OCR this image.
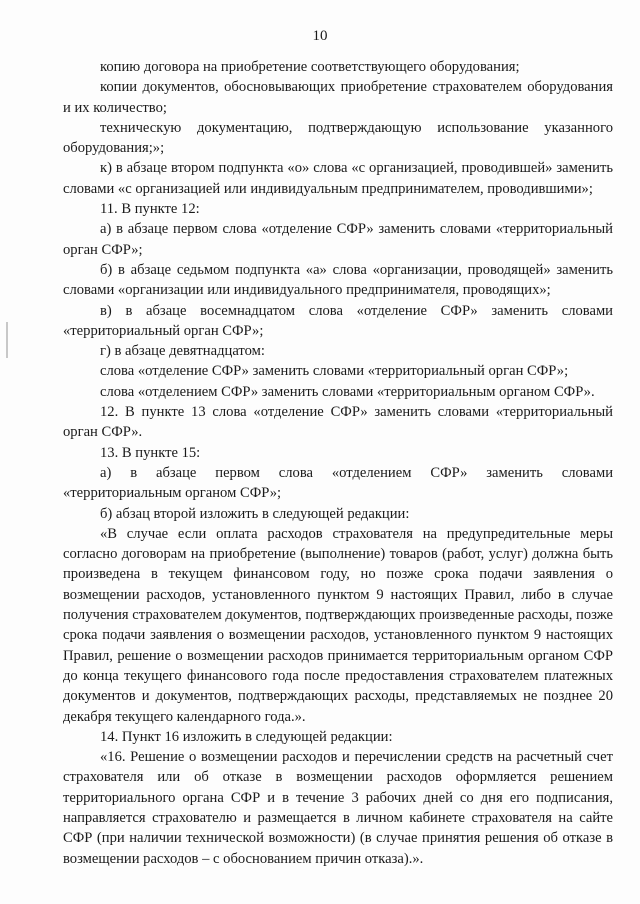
10

копию договора на приобретение соответствующего оборудования;

копии документов, обосновывающих приобретение страхователем оборудования и их количество;

техническую документацию, подтверждающую использование указанного оборудования;»;

к) в абзаце втором подпункта «о» слова «с организацией, проводившей» заменить словами «с организацией или индивидуальным предпринимателем, проводившими»;

11. В пункте 12:

а) в абзаце первом слова «отделение СФР» заменить словами «территориальный орган СФР»;

б) в абзаце седьмом подпункта «а» слова «организации, проводящей» заменить словами «организации или индивидуального предпринимателя, проводящих»;

в) в абзаце восемнадцатом слова «отделение СФР» заменить словами «территориальный орган СФР»;

г) в абзаце девятнадцатом:

слова «отделение СФР» заменить словами «территориальный орган СФР»;

слова «отделением СФР» заменить словами «территориальным органом СФР».

12. В пункте 13 слова «отделение СФР» заменить словами «территориальный орган СФР».

13. В пункте 15:

а) в абзаце первом слова «отделением СФР» заменить словами «территориальным органом СФР»;

б) абзац второй изложить в следующей редакции:

«В случае если оплата расходов страхователя на предупредительные меры согласно договорам на приобретение (выполнение) товаров (работ, услуг) должна быть произведена в текущем финансовом году, но позже срока подачи заявления о возмещении расходов, установленного пунктом 9 настоящих Правил, либо в случае получения страхователем документов, подтверждающих произведенные расходы, позже срока подачи заявления о возмещении расходов, установленного пунктом 9 настоящих Правил, решение о возмещении расходов принимается территориальным органом СФР до конца текущего финансового года после предоставления страхователем платежных документов и документов, подтверждающих расходы, представляемых не позднее 20 декабря текущего календарного года.».

14. Пункт 16 изложить в следующей редакции:

«16. Решение о возмещении расходов и перечислении средств на расчетный счет страхователя или об отказе в возмещении расходов оформляется решением территориального органа СФР и в течение 3 рабочих дней со дня его подписания, направляется страхователю и размещается в личном кабинете страхователя на сайте СФР (при наличии технической возможности) (в случае принятия решения об отказе в возмещении расходов – с обоснованием причин отказа).».
